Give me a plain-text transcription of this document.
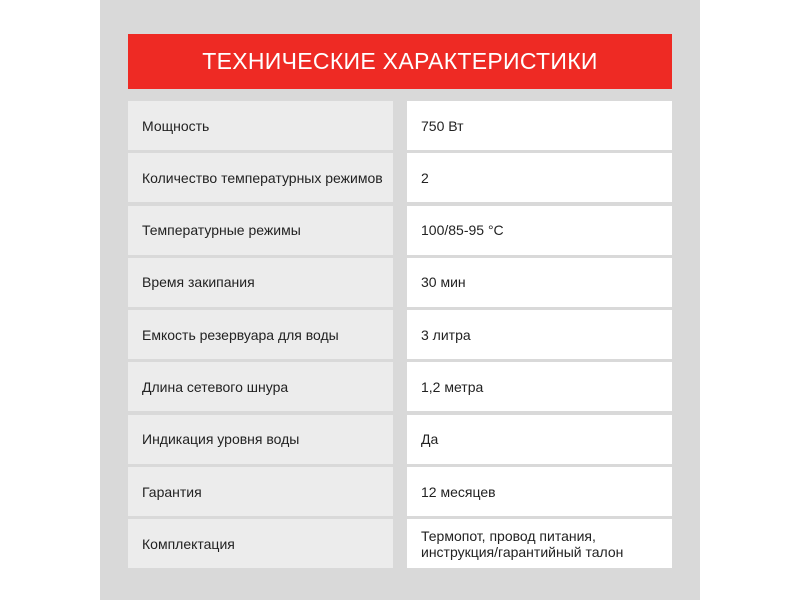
ТЕХНИЧЕСКИЕ ХАРАКТЕРИСТИКИ
Мощность	750 Вт
Количество температурных режимов	2
Температурные режимы	100/85-95 °С
Время закипания	30 мин
Емкость резервуара для воды	3 литра
Длина сетевого шнура	1,2 метра
Индикация уровня воды	Да
Гарантия	12 месяцев
Комплектация	Термопот, провод питания, инструкция/гарантийный талон
